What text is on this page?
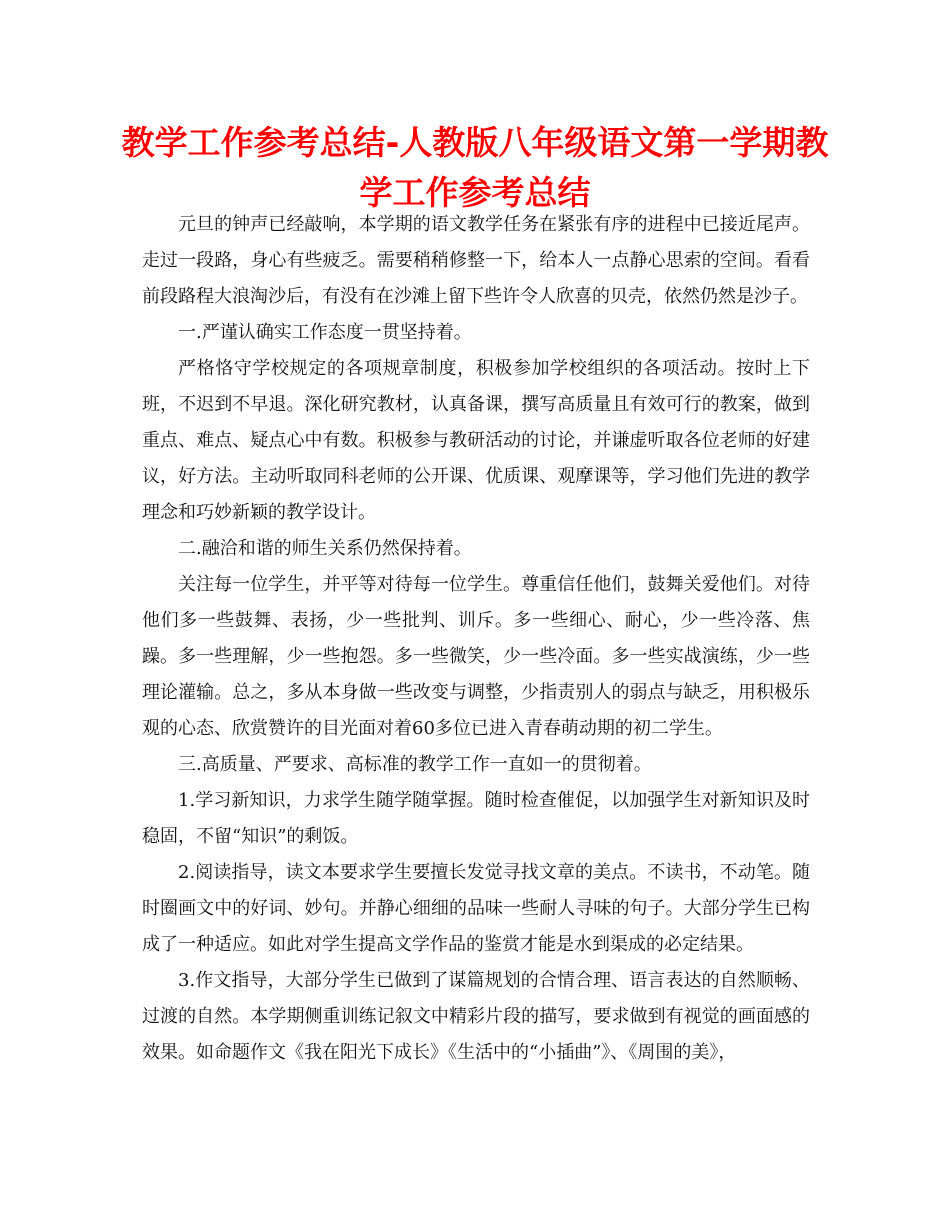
教学工作参考总结-人教版八年级语文第一学期教学工作参考总结

元旦的钟声已经敲响，本学期的语文教学任务在紧张有序的进程中已接近尾声。走过一段路，身心有些疲乏。需要稍稍修整一下，给本人一点静心思索的空间。看看前段路程大浪淘沙后，有没有在沙滩上留下些许令人欣喜的贝壳，依然仍然是沙子。

一.严谨认确实工作态度一贯坚持着。

严格恪守学校规定的各项规章制度，积极参加学校组织的各项活动。按时上下班，不迟到不早退。深化研究教材，认真备课，撰写高质量且有效可行的教案，做到重点、难点、疑点心中有数。积极参与教研活动的讨论，并谦虚听取各位老师的好建议，好方法。主动听取同科老师的公开课、优质课、观摩课等，学习他们先进的教学理念和巧妙新颖的教学设计。

二.融洽和谐的师生关系仍然保持着。

关注每一位学生，并平等对待每一位学生。尊重信任他们，鼓舞关爱他们。对待他们多一些鼓舞、表扬，少一些批判、训斥。多一些细心、耐心，少一些冷落、焦躁。多一些理解，少一些抱怨。多一些微笑，少一些冷面。多一些实战演练，少一些理论灌输。总之，多从本身做一些改变与调整，少指责别人的弱点与缺乏，用积极乐观的心态、欣赏赞许的目光面对着60多位已进入青春萌动期的初二学生。

三.高质量、严要求、高标准的教学工作一直如一的贯彻着。

1.学习新知识，力求学生随学随掌握。随时检查催促，以加强学生对新知识及时稳固，不留“知识”的剩饭。

2.阅读指导，读文本要求学生要擅长发觉寻找文章的美点。不读书，不动笔。随时圈画文中的好词、妙句。并静心细细的品味一些耐人寻味的句子。大部分学生已构成了一种适应。如此对学生提高文学作品的鉴赏才能是水到渠成的必定结果。

3.作文指导，大部分学生已做到了谋篇规划的合情合理、语言表达的自然顺畅、过渡的自然。本学期侧重训练记叙文中精彩片段的描写，要求做到有视觉的画面感的效果。如命题作文《我在阳光下成长》《生活中的“小插曲”》、《周围的美》，
